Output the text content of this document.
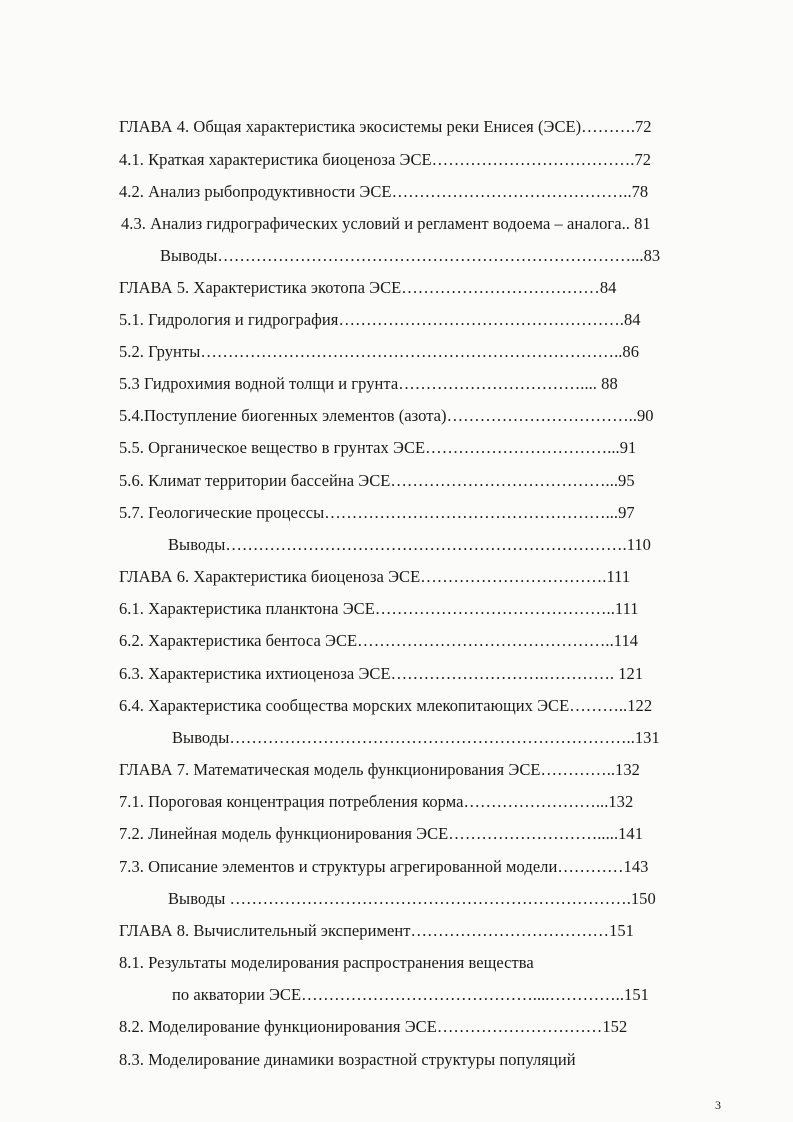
ГЛАВА 4. Общая характеристика экосистемы реки Енисея (ЭСЕ)……….72
4.1. Краткая характеристика биоценоза ЭСЕ……………………………….72
4.2. Анализ рыбопродуктивности ЭСЕ……………………………………..78
4.3. Анализ гидрографических условий и регламент водоема – аналога.. 81
Выводы…………………………………………………………………...83
ГЛАВА 5. Характеристика экотопа ЭСЕ………………………………84
5.1. Гидрология и гидрография…………………………………………….84
5.2. Грунты…………………………………………………………………..86
5.3 Гидрохимия водной толщи и грунта…………………………….... 88
5.4.Поступление биогенных элементов (азота)……………………………..90
5.5. Органическое вещество в грунтах ЭСЕ……………………………...91
5.6. Климат территории бассейна ЭСЕ…………………………………...95
5.7. Геологические процессы……………………………………………...97
Выводы……………………………………………………………….110
ГЛАВА 6. Характеристика биоценоза ЭСЕ…………………………….111
6.1. Характеристика планктона ЭСЕ……………………………………..111
6.2. Характеристика бентоса ЭСЕ………………………………………..114
6.3. Характеристика ихтиоценоза ЭСЕ……………………….…………. 121
6.4. Характеристика сообщества морских млекопитающих ЭСЕ………..122
Выводы………………………………………………………………..131
ГЛАВА 7. Математическая модель функционирования ЭСЕ…………..132
7.1. Пороговая концентрация потребления корма……………………...132
7.2. Линейная модель функционирования ЭСЕ……………………….....141
7.3. Описание элементов и структуры агрегированной модели…………143
Выводы ……………………………………………………………….150
ГЛАВА 8. Вычислительный эксперимент………………………………151
8.1. Результаты моделирования распространения вещества
по акватории ЭСЕ……………………………………....…………..151
8.2. Моделирование функционирования ЭСЕ…………………………152
8.3. Моделирование динамики возрастной структуры популяций
3
